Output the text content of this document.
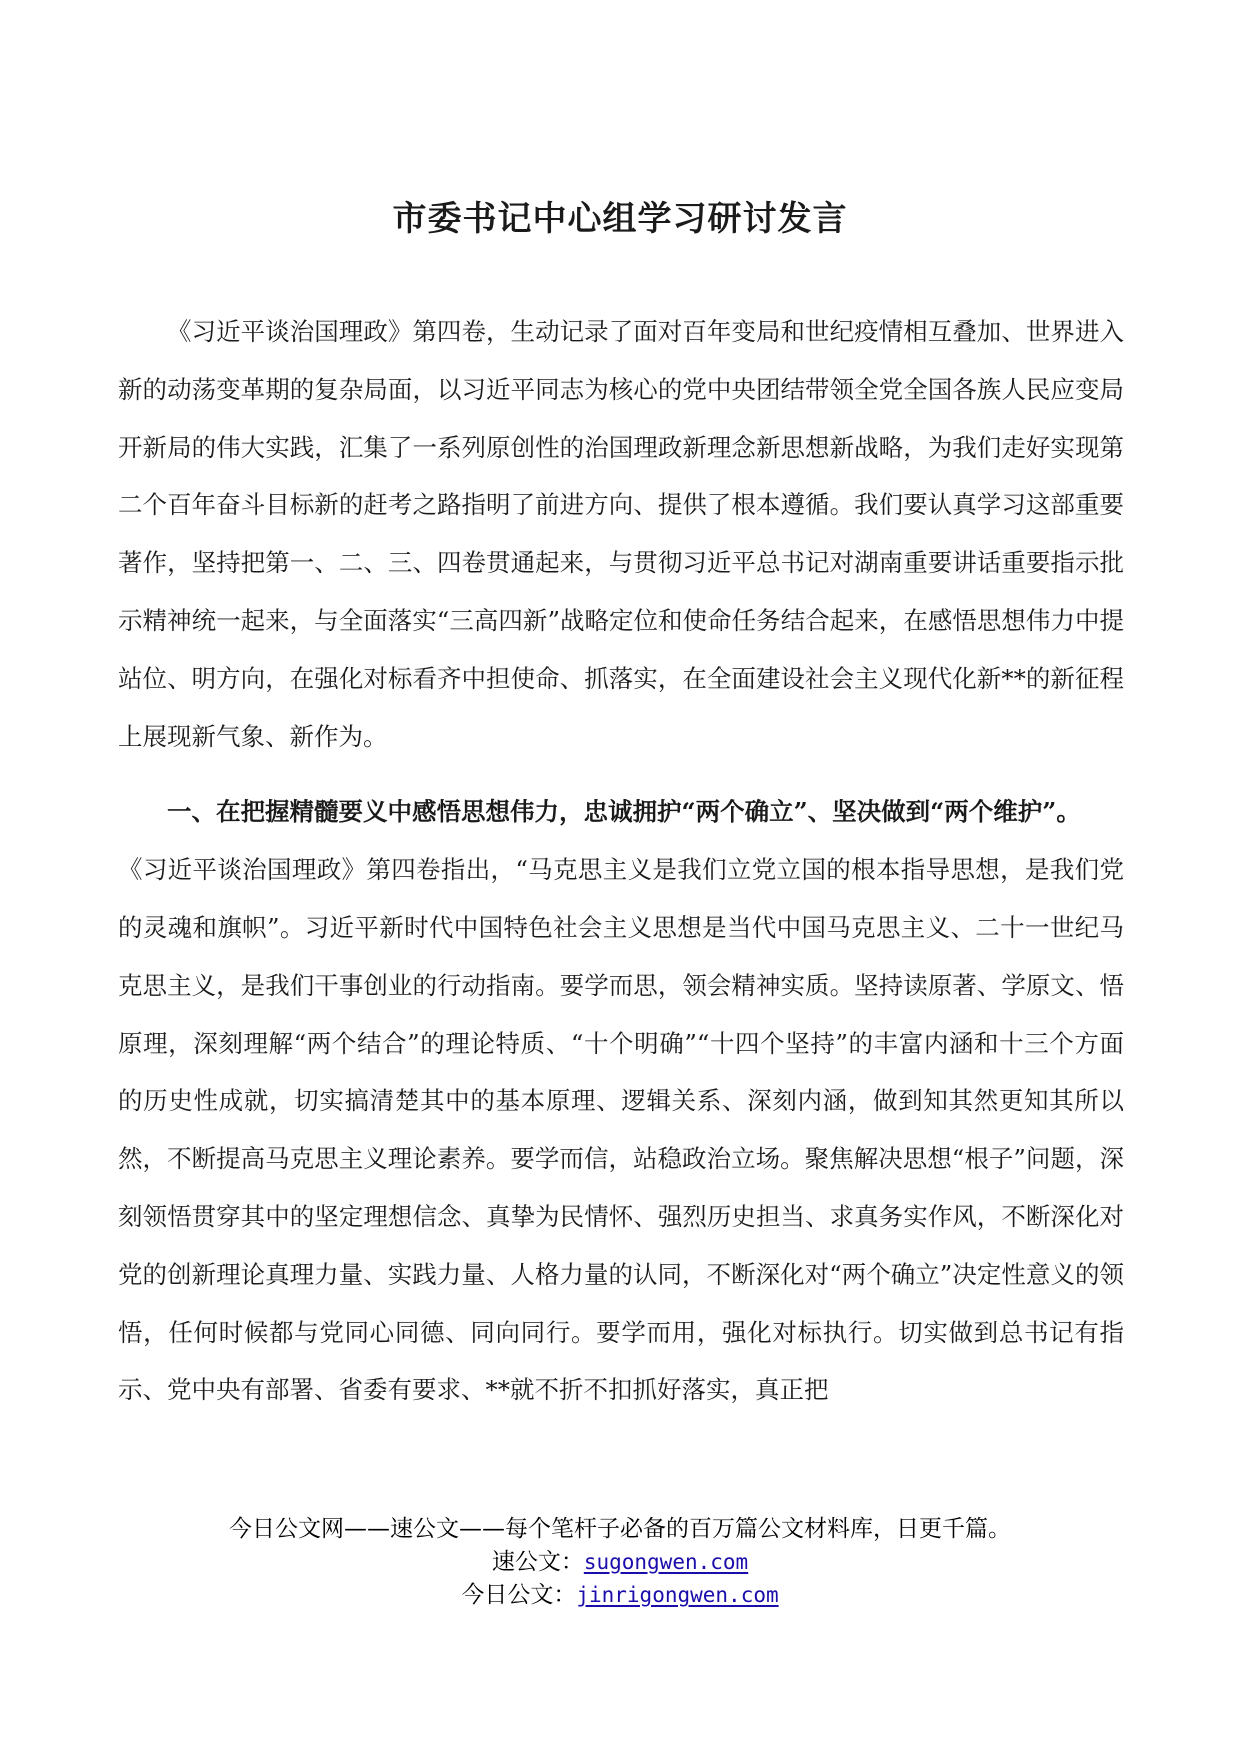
市委书记中心组学习研讨发言

《习近平谈治国理政》第四卷，生动记录了面对百年变局和世纪疫情相互叠加、世界进入新的动荡变革期的复杂局面，以习近平同志为核心的党中央团结带领全党全国各族人民应变局开新局的伟大实践，汇集了一系列原创性的治国理政新理念新思想新战略，为我们走好实现第二个百年奋斗目标新的赶考之路指明了前进方向、提供了根本遵循。我们要认真学习这部重要著作，坚持把第一、二、三、四卷贯通起来，与贯彻习近平总书记对湖南重要讲话重要指示批示精神统一起来，与全面落实“三高四新”战略定位和使命任务结合起来，在感悟思想伟力中提站位、明方向，在强化对标看齐中担使命、抓落实，在全面建设社会主义现代化新**的新征程上展现新气象、新作为。

一、在把握精髓要义中感悟思想伟力，忠诚拥护“两个确立”、坚决做到“两个维护”。

《习近平谈治国理政》第四卷指出，“马克思主义是我们立党立国的根本指导思想，是我们党的灵魂和旗帜”。习近平新时代中国特色社会主义思想是当代中国马克思主义、二十一世纪马克思主义，是我们干事创业的行动指南。要学而思，领会精神实质。坚持读原著、学原文、悟原理，深刻理解“两个结合”的理论特质、“十个明确”“十四个坚持”的丰富内涵和十三个方面的历史性成就，切实搞清楚其中的基本原理、逻辑关系、深刻内涵，做到知其然更知其所以然，不断提高马克思主义理论素养。要学而信，站稳政治立场。聚焦解决思想“根子”问题，深刻领悟贯穿其中的坚定理想信念、真挚为民情怀、强烈历史担当、求真务实作风，不断深化对党的创新理论真理力量、实践力量、人格力量的认同，不断深化对“两个确立”决定性意义的领悟，任何时候都与党同心同德、同向同行。要学而用，强化对标执行。切实做到总书记有指示、党中央有部署、省委有要求、**就不折不扣抓好落实，真正把

今日公文网——速公文——每个笔杆子必备的百万篇公文材料库，日更千篇。

速公文：sugongwen.com

今日公文：jinrigongwen.com
